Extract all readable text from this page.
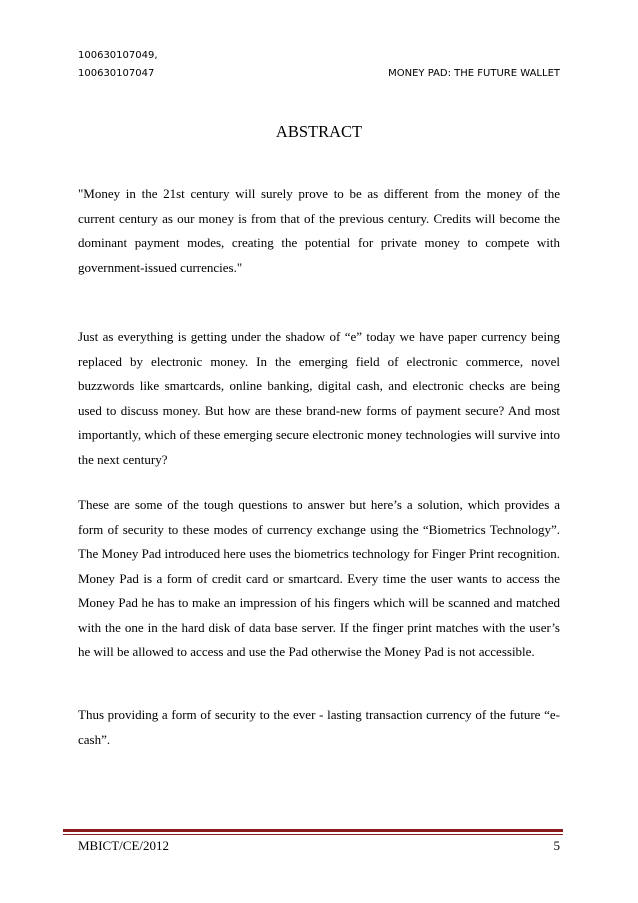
100630107049,
100630107047	MONEY PAD: THE FUTURE WALLET
ABSTRACT

"Money in the 21st century will surely prove to be as different from the money of the current century as our money is from that of the previous century. Credits will become the dominant payment modes, creating the potential for private money to compete with government-issued currencies."

Just as everything is getting under the shadow of “e” today we have paper currency being replaced by electronic money. In the emerging field of electronic commerce, novel buzzwords like smartcards, online banking, digital cash, and electronic checks are being used to discuss money. But how are these brand-new forms of payment secure? And most importantly, which of these emerging secure electronic money technologies will survive into the next century?

These are some of the tough questions to answer but here’s a solution, which provides a form of security to these modes of currency exchange using the “Biometrics Technology”. The Money Pad introduced here uses the biometrics technology for Finger Print recognition. Money Pad is a form of credit card or smartcard. Every time the user wants to access the Money Pad he has to make an impression of his fingers which will be scanned and matched with the one in the hard disk of data base server. If the finger print matches with the user’s he will be allowed to access and use the Pad otherwise the Money Pad is not accessible.

Thus providing a form of security to the ever - lasting transaction currency of the future “e-cash”.

MBICT/CE/2012	5
